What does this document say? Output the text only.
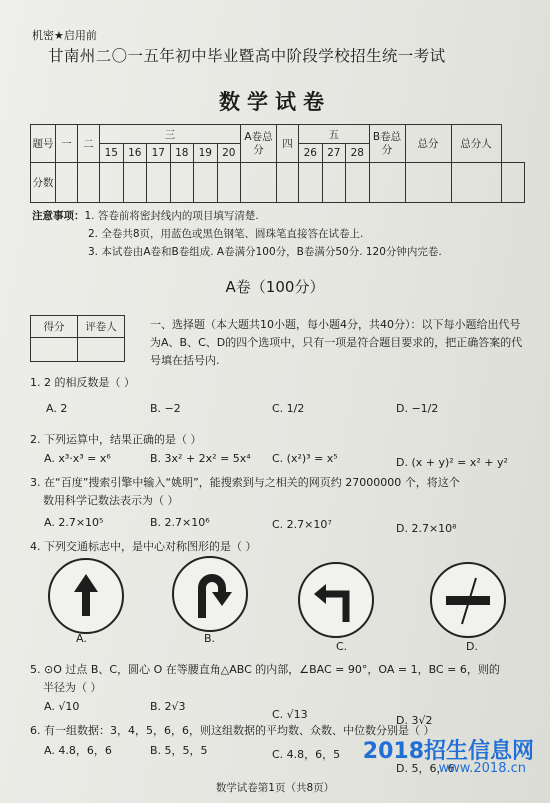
机密★启用前
甘南州二〇一五年初中毕业暨高中阶段学校招生统一考试
数学试卷
题号	一	二	三						A卷总分	四	五			B卷总分	总分	总分人	
			15	16	17	18	19	20			26	27	28				
分数																	
注意事项：1. 答卷前将密封线内的项目填写清楚.
2. 全卷共8页，用蓝色或黑色钢笔、圆珠笔直接答在试卷上.
3. 本试卷由A卷和B卷组成. A卷满分100分，B卷满分50分. 120分钟内完卷.
A卷（100分）
得分	评卷人
		一、选择题（本大题共10小题，每小题4分，共40分）：以下每小题给出代号为A、B、C、D的四个选项中，只有一项是符合题目要求的，把正确答案的代号填在括号内.
1. 2 的相反数是（ ）
A. 2	B. −2	C. 1/2	D. −1/2
2. 下列运算中，结果正确的是（ ）
A. x³·x³ = x⁶	B. 3x² + 2x² = 5x⁴ C. (x²)³ = x⁵	D. (x + y)² = x² + y²
3. 在“百度”搜索引擎中输入“姚明”，能搜索到与之相关的网页约 27000000 个，将这个
数用科学记数法表示为（ ）
A. 2.7×10⁵	B. 2.7×10⁶	C. 2.7×10⁷	D. 2.7×10⁸
4. 下列交通标志中，是中心对称图形的是（ ）
A.	B.
C.	D.
5. ⊙O 过点 B、C，圆心 O 在等腰直角△ABC 的内部，∠BAC = 90°，OA = 1，BC = 6，则的
半径为（ ）
A. √10	B. 2√3
C. √13	D. 3√2
6. 有一组数据：3，4，5，6，6，则这组数据的平均数、众数、中位数分别是（ ）
A. 4.8，6，6	B. 5，5，5	C. 4.8，6，5
D. 5，6，6
数学试卷第1页（共8页）
2018招生信息网
www.2018.cn
